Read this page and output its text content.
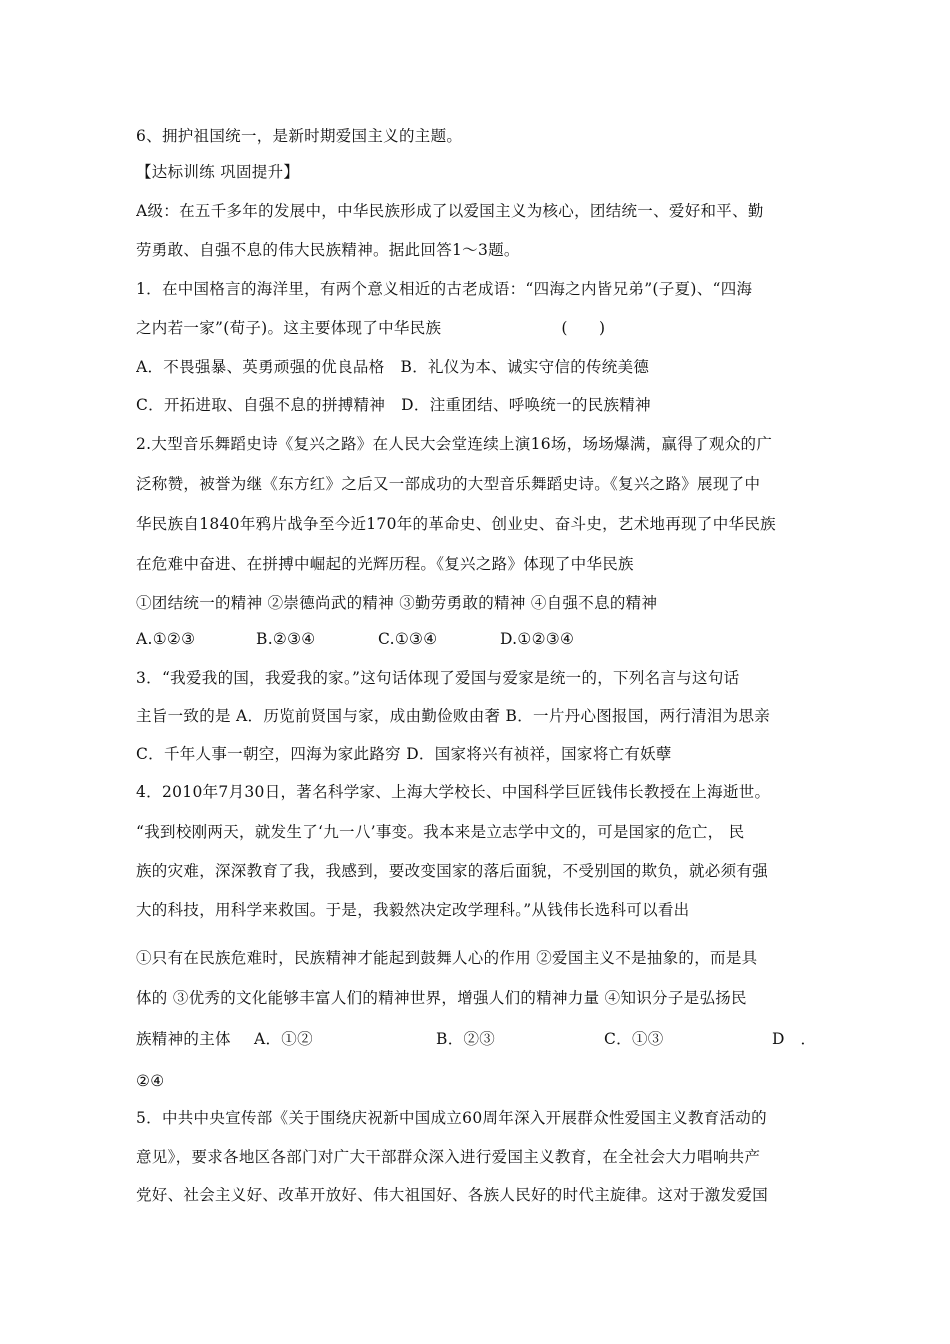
6、拥护祖国统一，是新时期爱国主义的主题。
【达标训练 巩固提升】
A级：在五千多年的发展中，中华民族形成了以爱国主义为核心，团结统一、爱好和平、勤
劳勇敢、自强不息的伟大民族精神。据此回答1～3题。
1．在中国格言的海洋里，有两个意义相近的古老成语：“四海之内皆兄弟”(子夏)、“四海
之内若一家”(荀子)。这主要体现了中华民族	(      )
A．不畏强暴、英勇顽强的优良品格 B．礼仪为本、诚实守信的传统美德
C．开拓进取、自强不息的拼搏精神 D．注重团结、呼唤统一的民族精神
2.大型音乐舞蹈史诗《复兴之路》在人民大会堂连续上演16场，场场爆满，赢得了观众的广
泛称赞，被誉为继《东方红》之后又一部成功的大型音乐舞蹈史诗。《复兴之路》展现了中
华民族自1840年鸦片战争至今近170年的革命史、创业史、奋斗史，艺术地再现了中华民族
在危难中奋进、在拼搏中崛起的光辉历程。《复兴之路》体现了中华民族
①团结统一的精神 ②崇德尚武的精神 ③勤劳勇敢的精神 ④自强不息的精神
A.①②③	B.②③④	C.①③④	D.①②③④
3．“我爱我的国，我爱我的家。”这句话体现了爱国与爱家是统一的，下列名言与这句话
主旨一致的是 A．历览前贤国与家，成由勤俭败由奢 B．一片丹心图报国，两行清泪为思亲
C．千年人事一朝空，四海为家此路穷 D．国家将兴有祯祥，国家将亡有妖孽
4．2010年7月30日，著名科学家、上海大学校长、中国科学巨匠钱伟长教授在上海逝世。
“我到校刚两天，就发生了‘九一八’事变。我本来是立志学中文的，可是国家的危亡， 民
族的灾难，深深教育了我，我感到，要改变国家的落后面貌，不受别国的欺负，就必须有强
大的科技，用科学来救国。于是，我毅然决定改学理科。”从钱伟长选科可以看出
①只有在民族危难时，民族精神才能起到鼓舞人心的作用 ②爱国主义不是抽象的，而是具
体的 ③优秀的文化能够丰富人们的精神世界，增强人们的精神力量 ④知识分子是弘扬民
族精神的主体 A．①②	B．②③	C．①③	D　．
②④
5．中共中央宣传部《关于围绕庆祝新中国成立60周年深入开展群众性爱国主义教育活动的
意见》，要求各地区各部门对广大干部群众深入进行爱国主义教育，在全社会大力唱响共产
党好、社会主义好、改革开放好、伟大祖国好、各族人民好的时代主旋律。这对于激发爱国
